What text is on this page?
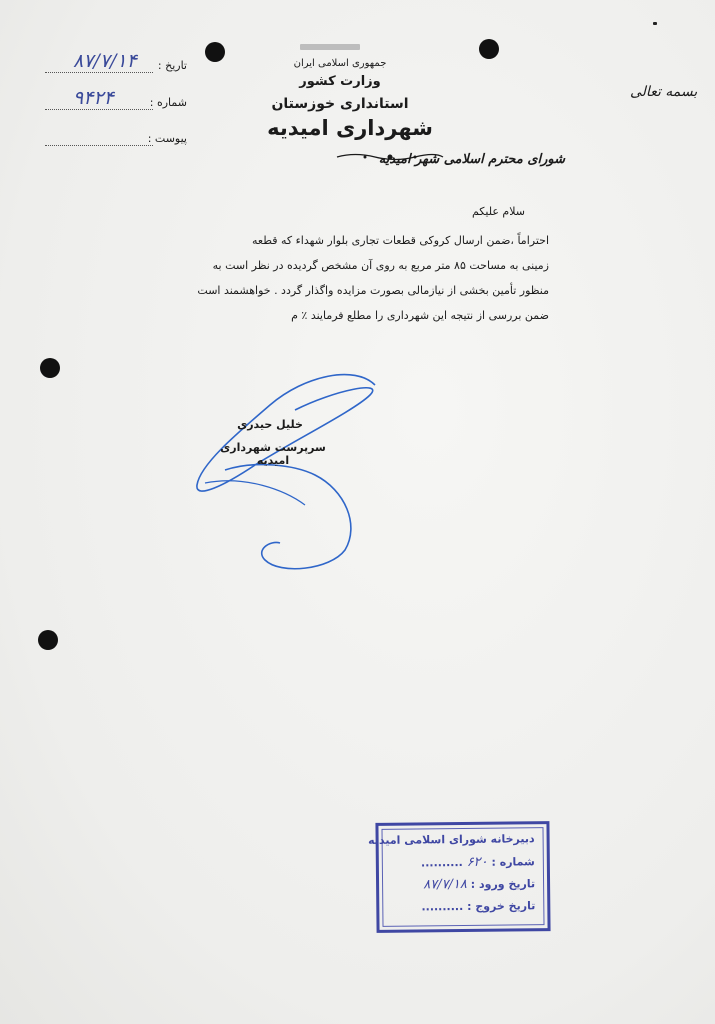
تاریخ :
۸۷/۷/۱۴
شماره :
۹۴۲۴
پیوست :
جمهوری اسلامی ایران
وزارت کشور
استانداری خوزستان
شهرداری امیدیه
شورای محترم اسلامی شهر امیدیه
بسمه تعالی
سلام علیکم
احتراماً ،ضمن ارسال کروکی قطعات تجاری بلوار شهداء که قطعه
زمینی به مساحت ۸۵ متر مربع به روی آن مشخص گردیده در نظر است به
منظور تأمین بخشی از نیازمالی بصورت مزایده واگذار گردد . خواهشمند است
ضمن بررسی از نتیجه این شهرداری را مطلع فرمایند ٪ م
خلیل حیدری
سرپرست شهرداری امیدیه
دبیرخانه شورای اسلامی امیدیه
شماره : ۶۲۰ ..........
تاریخ ورود : ۸۷/۷/۱۸
تاریخ خروج : ..........
